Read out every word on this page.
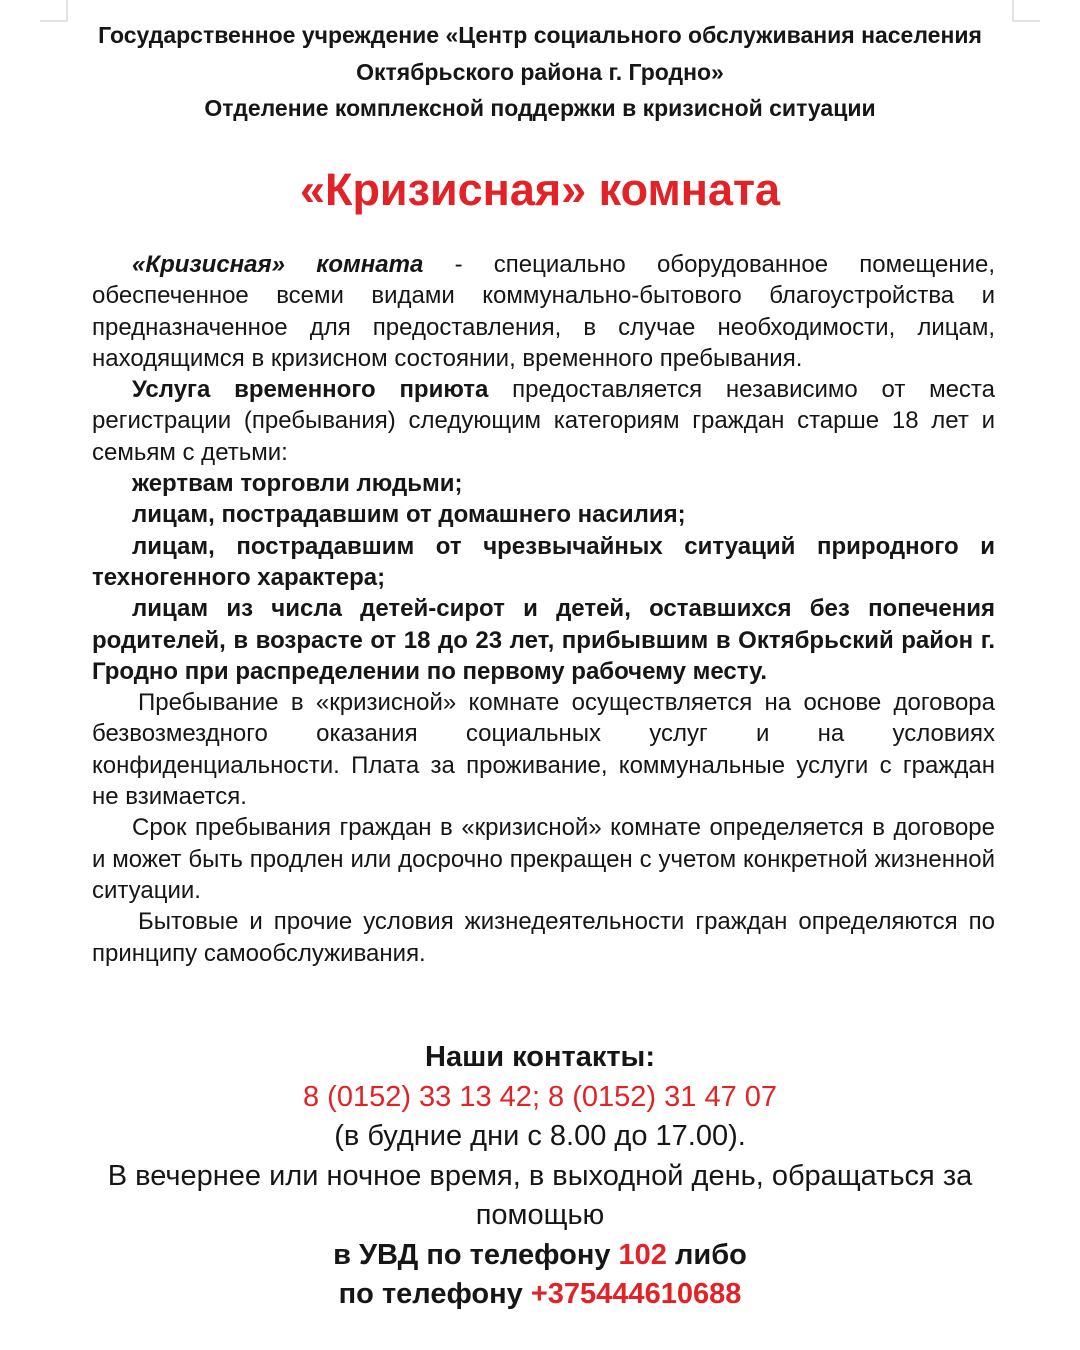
Государственное учреждение «Центр социального обслуживания населения
Октябрьского района г. Гродно»
Отделение комплексной поддержки в кризисной ситуации
«Кризисная» комната

«Кризисная» комната - специально оборудованное помещение, обеспеченное всеми видами коммунально-бытового благоустройства и предназначенное для предоставления, в случае необходимости, лицам, находящимся в кризисном состоянии, временного пребывания.

Услуга временного приюта предоставляется независимо от места регистрации (пребывания) следующим категориям граждан старше 18 лет и семьям с детьми:

жертвам торговли людьми;

лицам, пострадавшим от домашнего насилия;

лицам, пострадавшим от чрезвычайных ситуаций природного и техногенного характера;

лицам из числа детей-сирот и детей, оставшихся без попечения родителей, в возрасте от 18 до 23 лет, прибывшим в Октябрьский район г. Гродно при распределении по первому рабочему месту.

Пребывание в «кризисной» комнате осуществляется на основе договора безвозмездного оказания социальных услуг и на условиях конфиденциальности. Плата за проживание, коммунальные услуги с граждан не взимается.

Срок пребывания граждан в «кризисной» комнате определяется в договоре и может быть продлен или досрочно прекращен с учетом конкретной жизненной ситуации.

Бытовые и прочие условия жизнедеятельности граждан определяются по принципу самообслуживания.

Наши контакты:
8 (0152) 33 13 42; 8 (0152) 31 47 07
(в будние дни с 8.00 до 17.00).
В вечернее или ночное время, в выходной день, обращаться за
помощью
в УВД по телефону 102 либо
по телефону +375444610688
